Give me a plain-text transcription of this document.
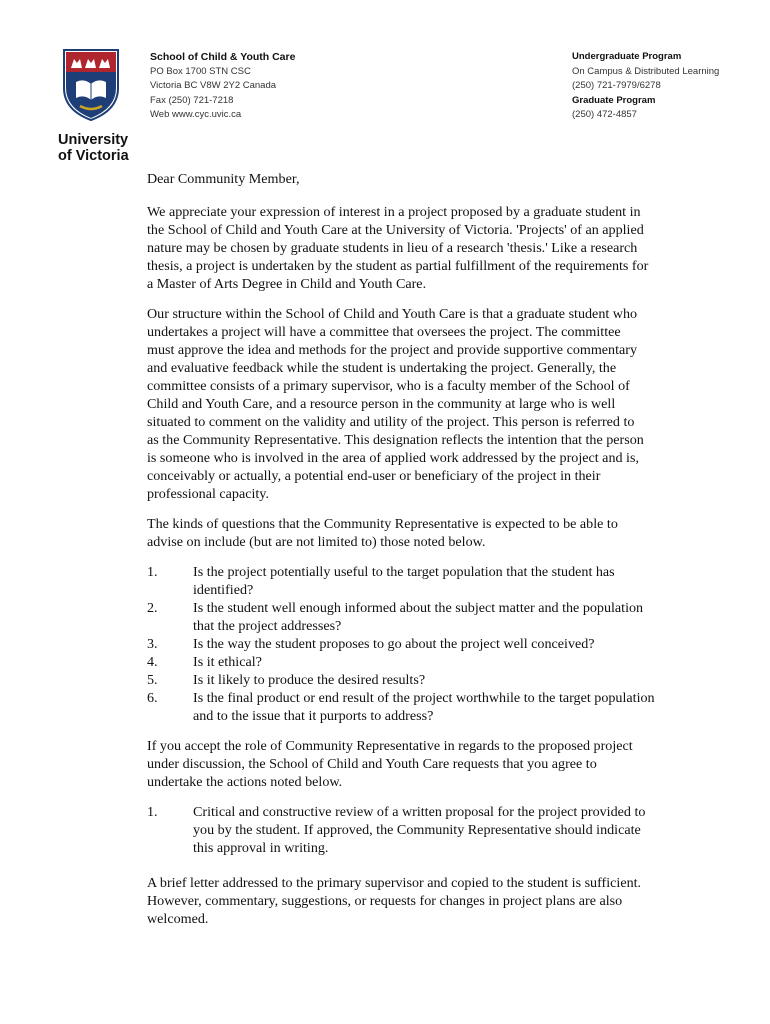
University
of Victoria
School of Child & Youth Care
PO Box 1700 STN CSC
Victoria BC V8W 2Y2 Canada
Fax (250) 721-7218
Web www.cyc.uvic.ca
Undergraduate Program
On Campus & Distributed Learning
(250) 721-7979/6278
Graduate Program
(250) 472-4857

Dear Community Member,

We appreciate your expression of interest in a project proposed by a graduate student in
the School of Child and Youth Care at the University of Victoria. 'Projects' of an applied
nature may be chosen by graduate students in lieu of a research 'thesis.' Like a research
thesis, a project is undertaken by the student as partial fulfillment of the requirements for
a Master of Arts Degree in Child and Youth Care.

Our structure within the School of Child and Youth Care is that a graduate student who
undertakes a project will have a committee that oversees the project. The committee
must approve the idea and methods for the project and provide supportive commentary
and evaluative feedback while the student is undertaking the project. Generally, the
committee consists of a primary supervisor, who is a faculty member of the School of
Child and Youth Care, and a resource person in the community at large who is well
situated to comment on the validity and utility of the project. This person is referred to
as the Community Representative. This designation reflects the intention that the person
is someone who is involved in the area of applied work addressed by the project and is,
conceivably or actually, a potential end-user or beneficiary of the project in their
professional capacity.

The kinds of questions that the Community Representative is expected to be able to
advise on include (but are not limited to) those noted below.

1.	Is the project potentially useful to the target population that the student has
identified?
2.	Is the student well enough informed about the subject matter and the population
that the project addresses?
3.	Is the way the student proposes to go about the project well conceived?
4.	Is it ethical?
5.	Is it likely to produce the desired results?
6.	Is the final product or end result of the project worthwhile to the target population
and to the issue that it purports to address?

If you accept the role of Community Representative in regards to the proposed project
under discussion, the School of Child and Youth Care requests that you agree to
undertake the actions noted below.

1.	Critical and constructive review of a written proposal for the project provided to
you by the student. If approved, the Community Representative should indicate
this approval in writing.

A brief letter addressed to the primary supervisor and copied to the student is sufficient.
However, commentary, suggestions, or requests for changes in project plans are also
welcomed.
